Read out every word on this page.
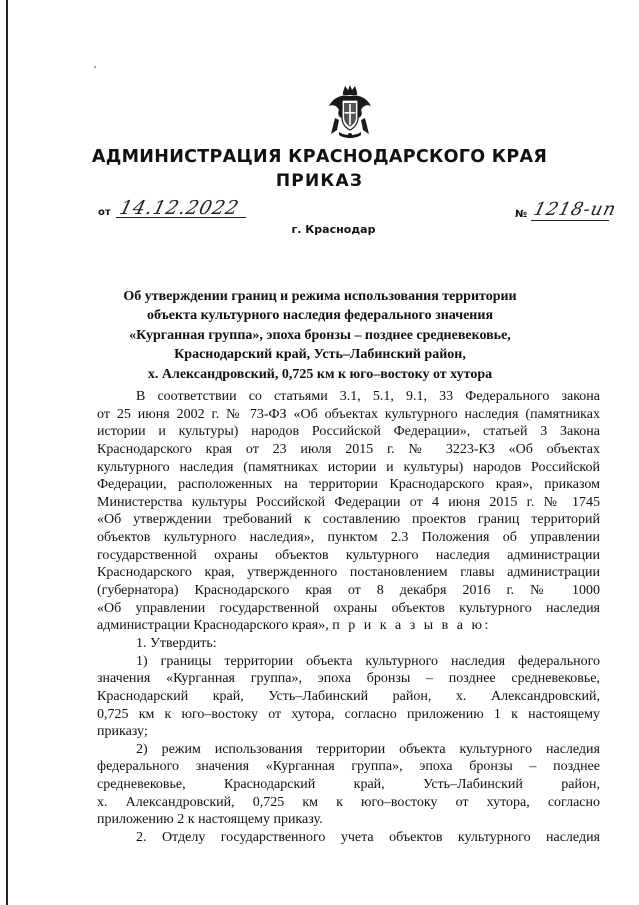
АДМИНИСТРАЦИЯ КРАСНОДАРСКОГО КРАЯ
ПРИКАЗ
от 14.12.2022
г. Краснодар
№ 1218-ип
Об утверждении границ и режима использования территории
объекта культурного наследия федерального значения
«Курганная группа», эпоха бронзы – позднее средневековье,
Краснодарский край, Усть–Лабинский район,
х. Александровский, 0,725 км к юго–востоку от хутора
В соответствии со статьями 3.1, 5.1, 9.1, 33 Федерального закона
от 25 июня 2002 г. № 73-ФЗ «Об объектах культурного наследия (памятниках
истории и культуры) народов Российской Федерации», статьей 3 Закона
Краснодарского края от 23 июля 2015 г. № 3223-КЗ «Об объектах
культурного наследия (памятниках истории и культуры) народов Российской
Федерации, расположенных на территории Краснодарского края», приказом
Министерства культуры Российской Федерации от 4 июня 2015 г. № 1745
«Об утверждении требований к составлению проектов границ территорий
объектов культурного наследия», пунктом 2.3 Положения об управлении
государственной охраны объектов культурного наследия администрации
Краснодарского края, утвержденного постановлением главы администрации
(губернатора) Краснодарского края от 8 декабря 2016 г. № 1000
«Об управлении государственной охраны объектов культурного наследия
администрации Краснодарского края», п р и к а з ы в а ю:
1. Утвердить:
1) границы территории объекта культурного наследия федерального
значения «Курганная группа», эпоха бронзы – позднее средневековье,
Краснодарский край, Усть–Лабинский район, х. Александровский,
0,725 км к юго–востоку от хутора, согласно приложению 1 к настоящему
приказу;
2) режим использования территории объекта культурного наследия
федерального значения «Курганная группа», эпоха бронзы – позднее
средневековье, Краснодарский край, Усть–Лабинский район,
х. Александровский, 0,725 км к юго–востоку от хутора, согласно
приложению 2 к настоящему приказу.
2. Отделу государственного учета объектов культурного наследия
